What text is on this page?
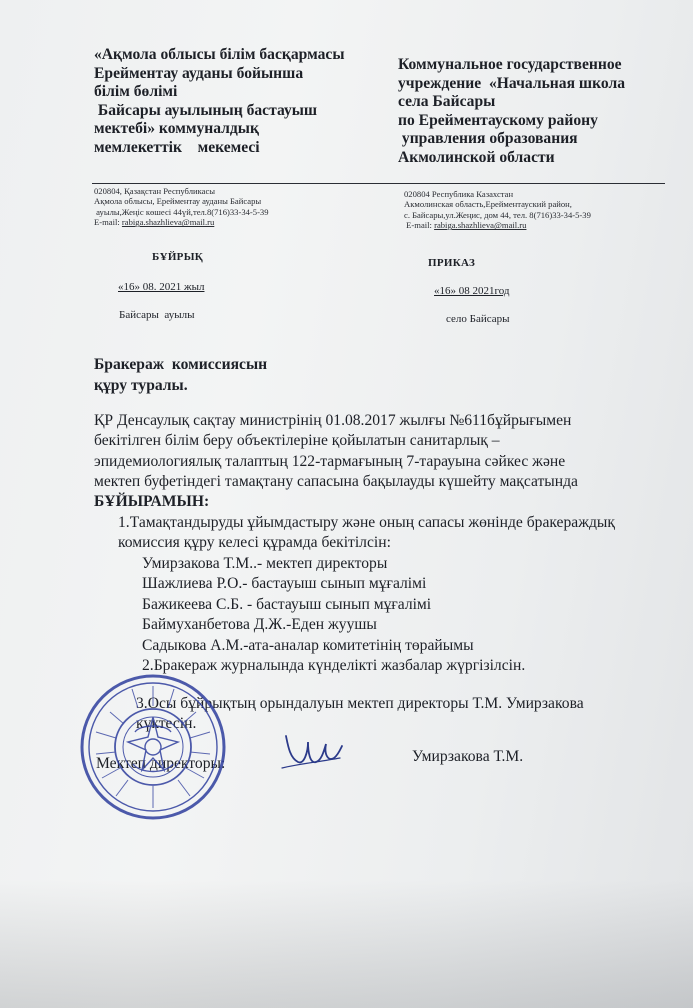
«Ақмола облысы білім басқармасы
Ерейментау ауданы бойынша
білім бөлімі
Байсары ауылының бастауыш
мектебі» коммуналдық
мемлекеттік    мекемесі
Коммунальное государственное
учреждение  «Начальная школа
села Байсары
по Ерейментаускому району
управления образования
Акмолинской области
020804, Қазақстан Республикасы
Ақмола облысы, Ерейментау ауданы Байсары
ауылы,Жеңіс көшесі 44үй,тел.8(716)33-34-5-39
E-mail: rabiga.shazhlieva@mail.ru
020804 Республика Казахстан
Акмолинская область,Ерейментауский район,
с. Байсары,ул.Жеңис, дом 44, тел. 8(716)33-34-5-39
E-mail: rabiga.shazhlieva@mail.ru
БҰЙРЫҚ	ПРИКАЗ
«16» 08. 2021 жыл	«16» 08 2021год
Байсары  ауылы	село Байсары
Бракераж  комиссиясын
құру туралы.
ҚР Денсаулық сақтау министрінің 01.08.2017 жылғы №611бұйрығымен
бекітілген білім беру объектілеріне қойылатын санитарлық –
эпидемиологиялық талаптың 122-тармағының 7-тарауына сәйкес және
мектеп буфетіндегі тамақтану сапасына бақылауды күшейту мақсатында
БҰЙЫРАМЫН:
1.Тамақтандыруды ұйымдастыру және оның сапасы жөнінде бракераждық
комиссия құру келесі құрамда бекітілсін:
Умирзакова Т.М..- мектеп директоры
Шажлиева Р.О.- бастауыш сынып мұғалімі
Бажикеева С.Б. - бастауыш сынып мұғалімі
Баймуханбетова Д.Ж.-Еден жуушы
Садыкова А.М.-ата-аналар комитетінің төрайымы
2.Бракераж журналында күнделікті жазбалар жүргізілсін.
3.Осы бұйрықтың орындалуын мектеп директоры Т.М. Умирзакова
күктесін.
Мектеп директоры:	Умирзакова Т.М.
